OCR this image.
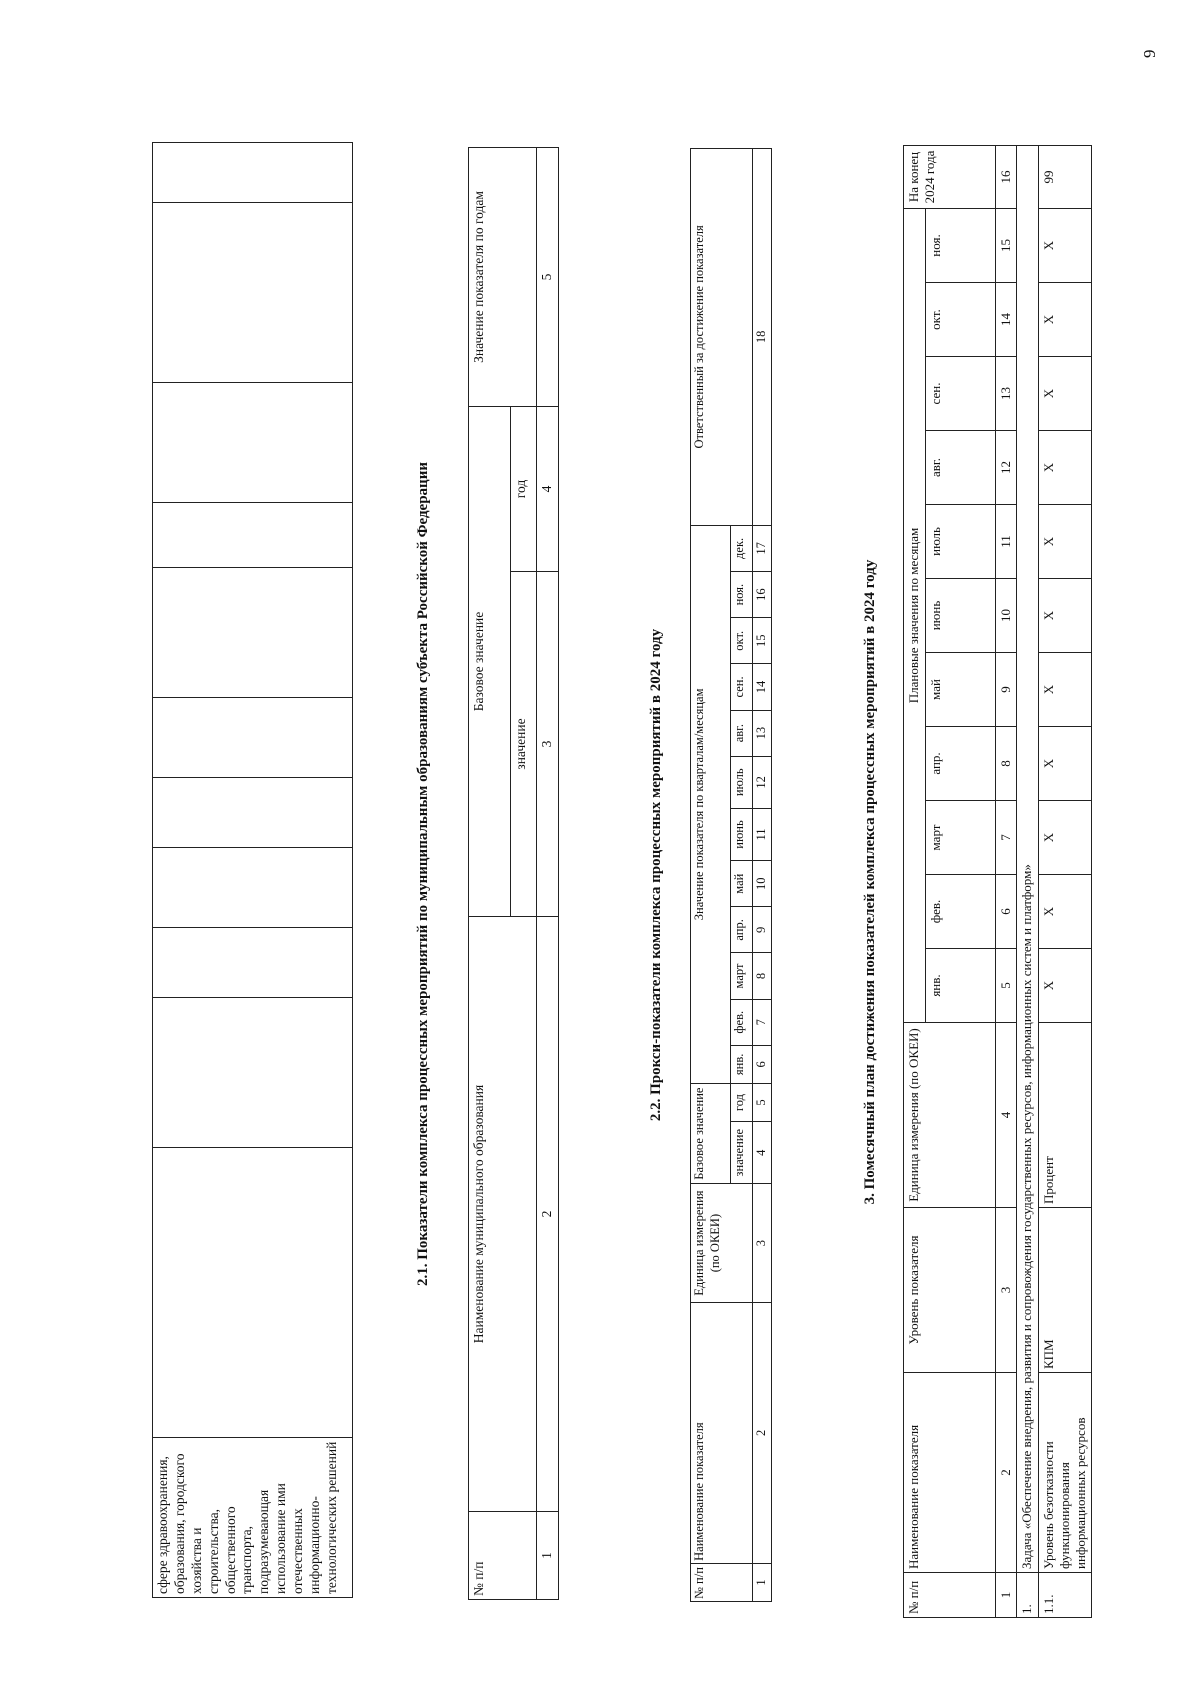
сфере здравоохранения, образования, городского хозяйства и строительства, общественного транспорта, подразумевающая использование ими отечественных информационно-технологических решений											
2.1. Показатели комплекса процессных мероприятий по муниципальным образованиям субъекта Российской Федерации
№ п/п	Наименование муниципального образования	Базовое значение		Значение показателя по годам
		значение	год	
1	2	3	4	5
2.2. Прокси-показатели комплекса процессных мероприятий в 2024 году
№ п/п	Наименование показателя	Единица измерения (по ОКЕИ)	Базовое значение		Значение показателя по кварталам/месяцам												Ответственный за достижение показателя
			значение	год	янв.	фев.	март	апр.	май	июнь	июль	авг.	сен.	окт.	ноя.	дек.	
1	2	3	4	5	6	7	8	9	10	11	12	13	14	15	16	17	18
3. Помесячный план достижения показателей комплекса процессных мероприятий в 2024 году
№ п/п	Наименование показателя	Уровень показателя	Единица измерения (по ОКЕИ)	Плановые значения по месяцам											На конец 2024 года
				янв.	фев.	март	апр.	май	июнь	июль	авг.	сен.	окт.	ноя.	
1	2	3	4	5	6	7	8	9	10	11	12	13	14	15	16
1.	Задача «Обеспечение внедрения, развития и сопровождения государственных ресурсов, информационных систем и платформ»														
1.1.	Уровень безотказности функционирования информационных ресурсов	КПМ	Процент	X	X	X	X	X	X	X	X	X	X	X	99
9
